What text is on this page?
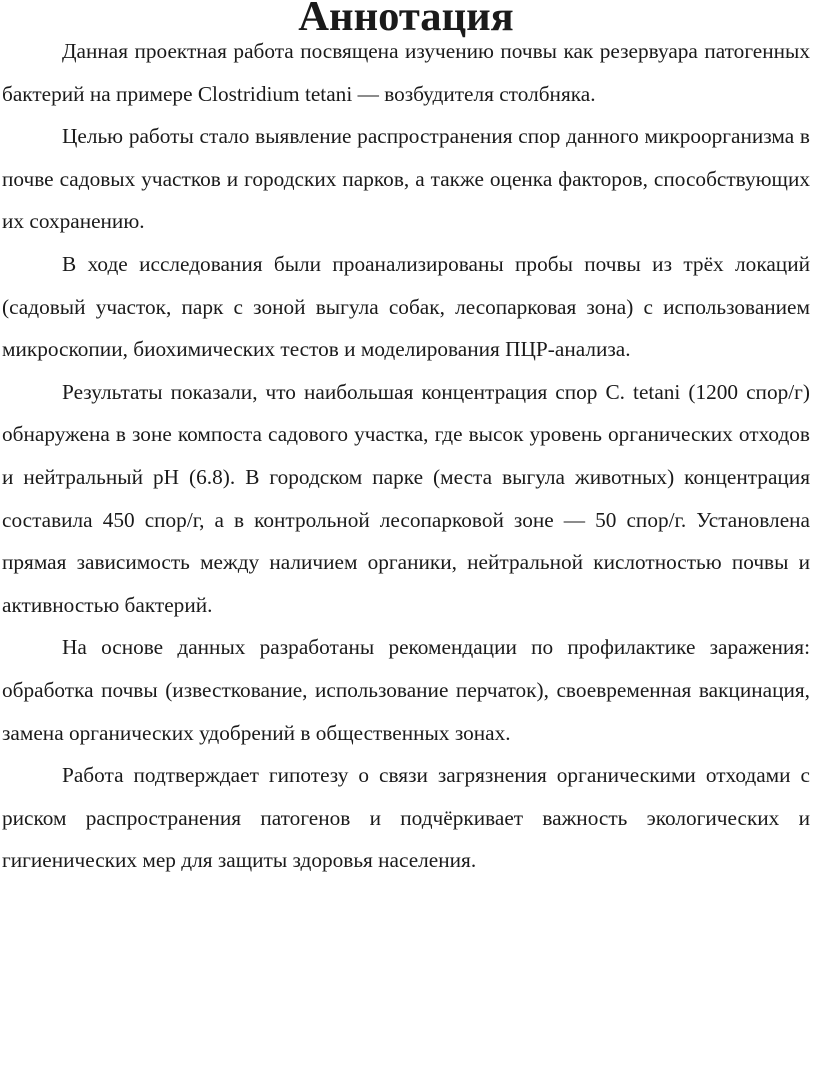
Аннотация

Данная проектная работа посвящена изучению почвы как резервуара патогенных бактерий на примере Clostridium tetani — возбудителя столбняка.

Целью работы стало выявление распространения спор данного микроорганизма в почве садовых участков и городских парков, а также оценка факторов, способствующих их сохранению.

В ходе исследования были проанализированы пробы почвы из трёх локаций (садовый участок, парк с зоной выгула собак, лесопарковая зона) с использованием микроскопии, биохимических тестов и моделирования ПЦР-анализа.

Результаты показали, что наибольшая концентрация спор C. tetani (1200 спор/г) обнаружена в зоне компоста садового участка, где высок уровень органических отходов и нейтральный pH (6.8). В городском парке (места выгула животных) концентрация составила 450 спор/г, а в контрольной лесопарковой зоне — 50 спор/г. Установлена прямая зависимость между наличием органики, нейтральной кислотностью почвы и активностью бактерий.

На основе данных разработаны рекомендации по профилактике заражения: обработка почвы (известкование, использование перчаток), своевременная вакцинация, замена органических удобрений в общественных зонах.

Работа подтверждает гипотезу о связи загрязнения органическими отходами с риском распространения патогенов и подчёркивает важность экологических и гигиенических мер для защиты здоровья населения.
